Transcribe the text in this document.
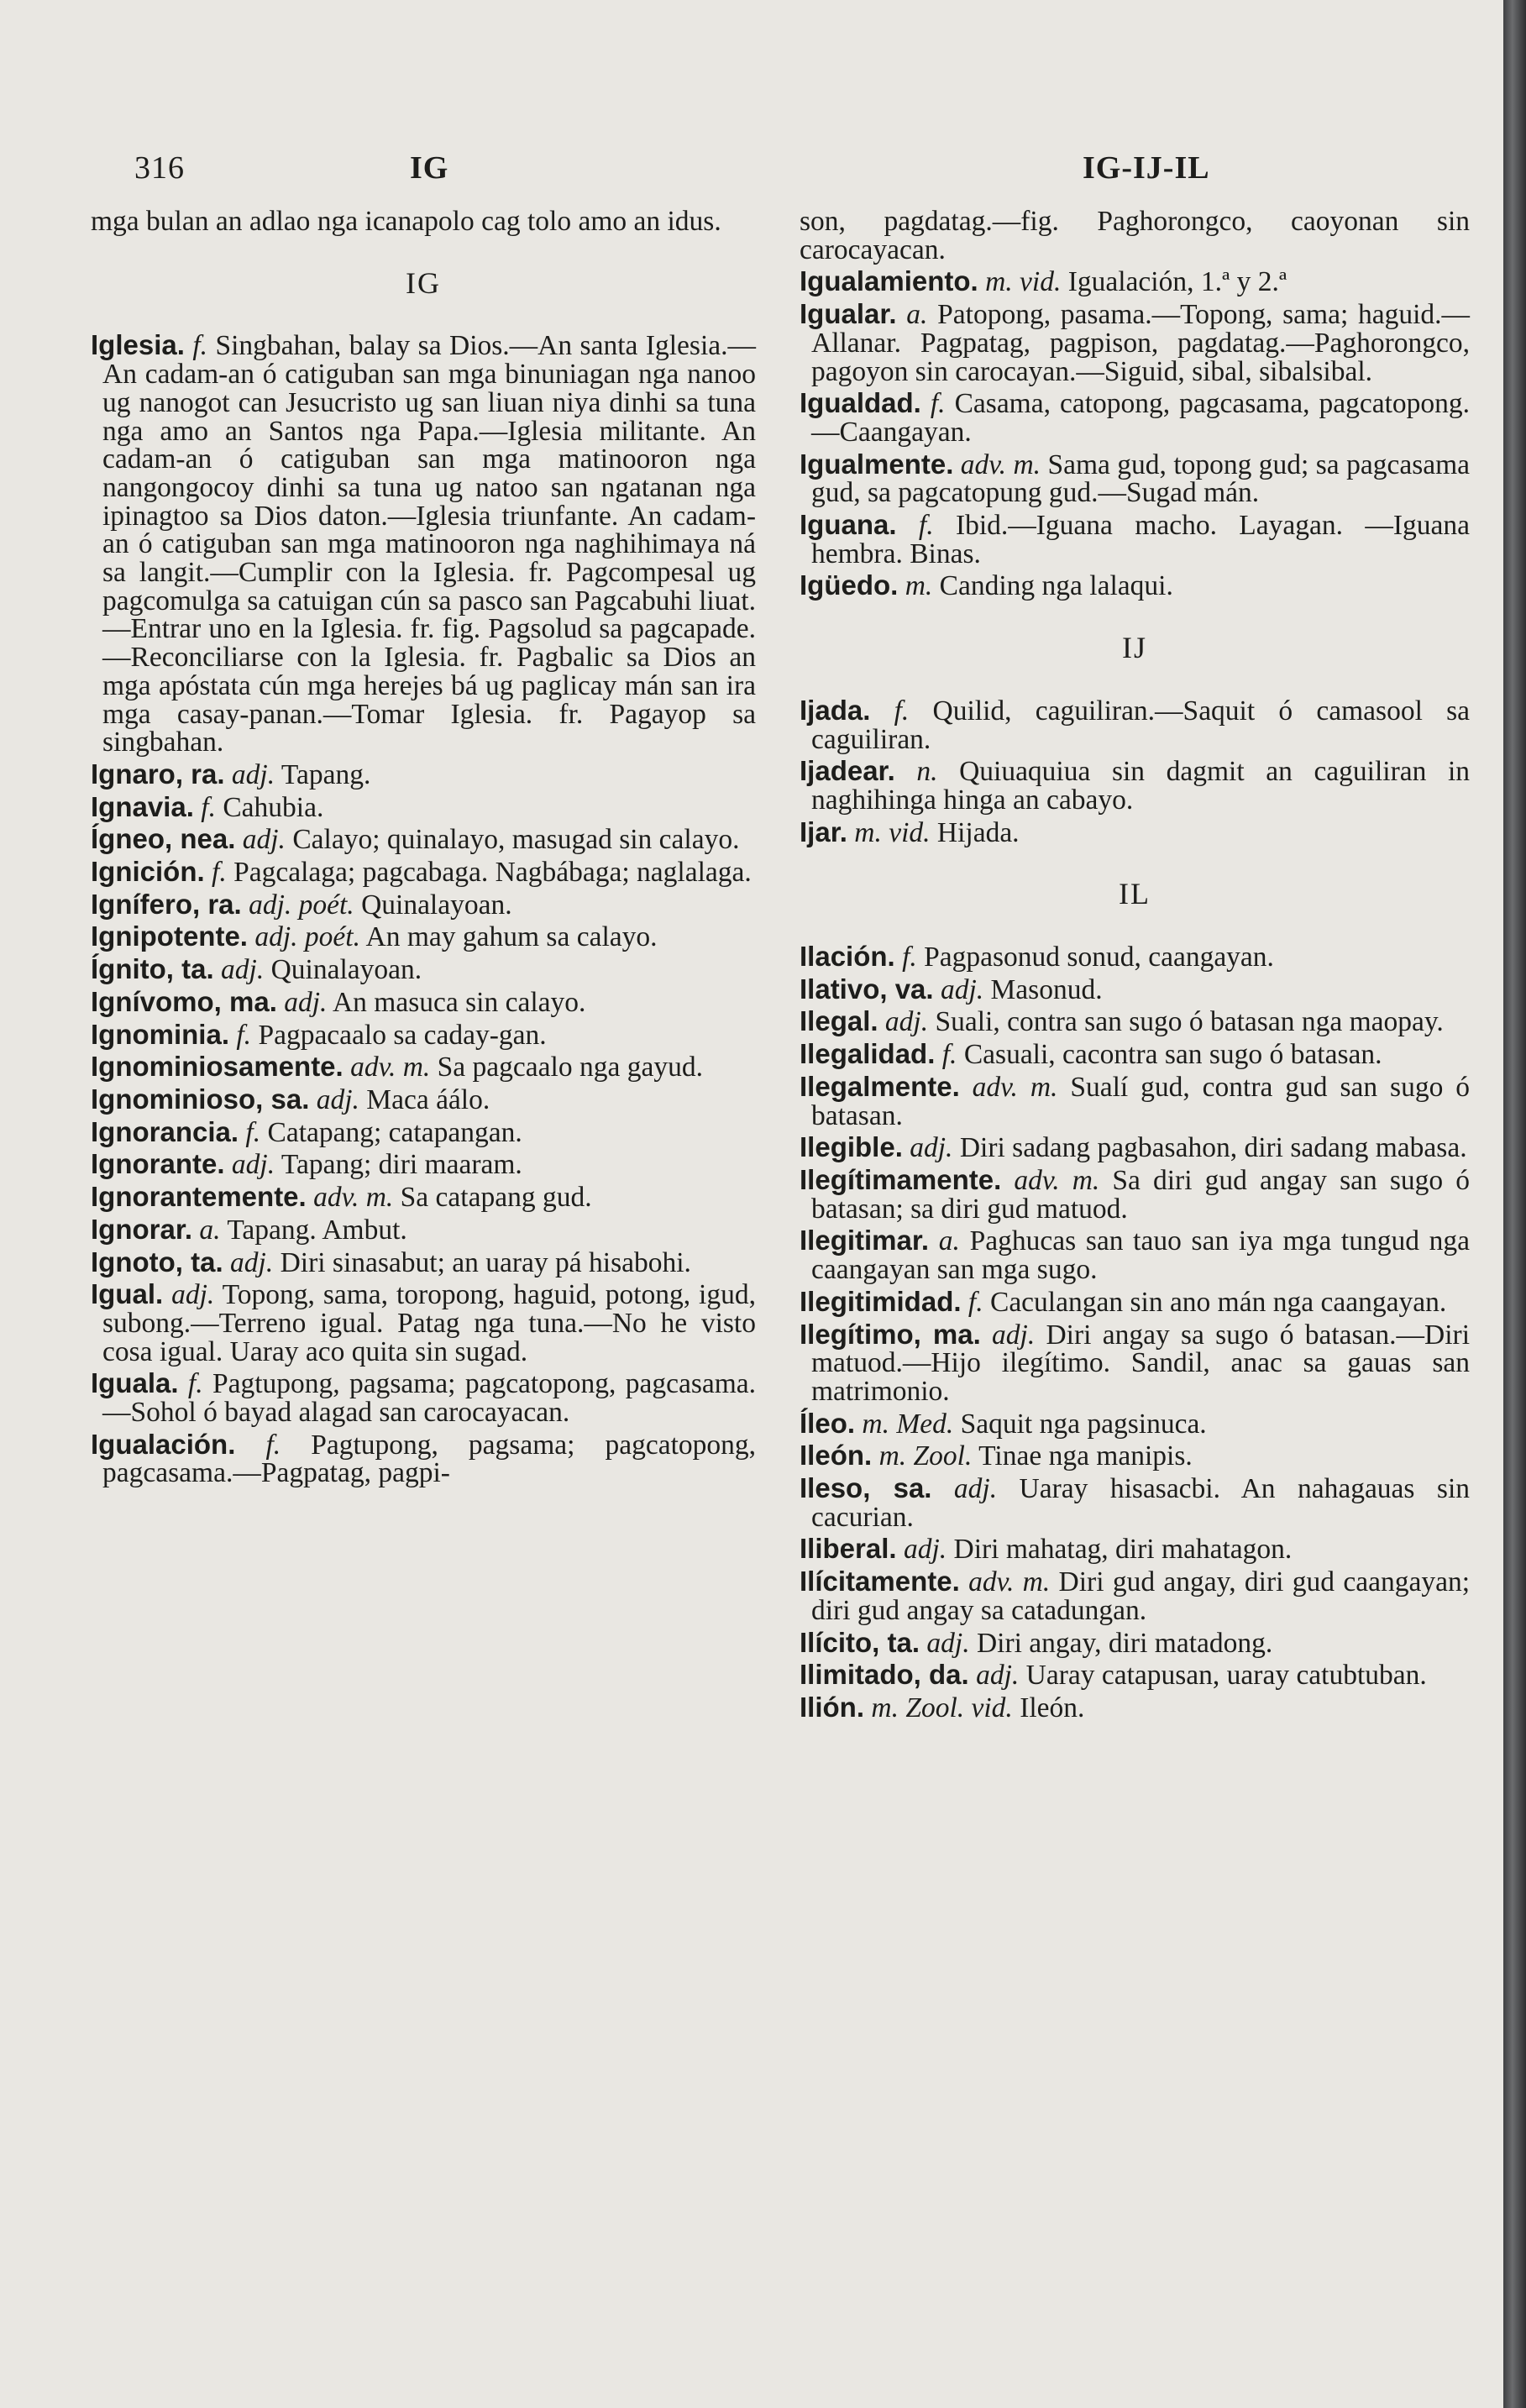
316	IG	IG-IJ-IL

mga bulan an adlao nga icanapolo cag tolo amo an idus.

IG

Iglesia. f. Singbahan, balay sa Dios.—An santa Iglesia.—An cadam-an ó catiguban san mga binuniagan nga nanoo ug nanogot can Jesucristo ug san liuan niya dinhi sa tuna nga amo an Santos nga Papa.—Iglesia militante. An cadam-an ó catiguban san mga matinooron nga nangongocoy dinhi sa tuna ug natoo san ngatanan nga ipinagtoo sa Dios daton.—Iglesia triunfante. An cadam-an ó catiguban san mga matinooron nga naghihimaya ná sa langit.—Cumplir con la Iglesia. fr. Pagcompesal ug pagcomulga sa catuigan cún sa pasco san Pagcabuhi liuat.—Entrar uno en la Iglesia. fr. fig. Pagsolud sa pagcapade.—Reconciliarse con la Iglesia. fr. Pagbalic sa Dios an mga apóstata cún mga herejes bá ug paglicay mán san ira mga casay-panan.—Tomar Iglesia. fr. Pagayop sa singbahan.

Ignaro, ra. adj. Tapang.

Ignavia. f. Cahubia.

Ígneo, nea. adj. Calayo; quinalayo, masugad sin calayo.

Ignición. f. Pagcalaga; pagcabaga. Nagbábaga; naglalaga.

Ignífero, ra. adj. poét. Quinalayoan.

Ignipotente. adj. poét. An may gahum sa calayo.

Ígnito, ta. adj. Quinalayoan.

Ignívomo, ma. adj. An masuca sin calayo.

Ignominia. f. Pagpacaalo sa caday-gan.

Ignominiosamente. adv. m. Sa pagcaalo nga gayud.

Ignominioso, sa. adj. Maca áálo.

Ignorancia. f. Catapang; catapangan.

Ignorante. adj. Tapang; diri maaram.

Ignorantemente. adv. m. Sa catapang gud.

Ignorar. a. Tapang. Ambut.

Ignoto, ta. adj. Diri sinasabut; an uaray pá hisabohi.

Igual. adj. Topong, sama, toropong, haguid, potong, igud, subong.—Terreno igual. Patag nga tuna.—No he visto cosa igual. Uaray aco quita sin sugad.

Iguala. f. Pagtupong, pagsama; pagcatopong, pagcasama.—Sohol ó bayad alagad san carocayacan.

Igualación. f. Pagtupong, pagsama; pagcatopong, pagcasama.—Pagpatag, pagpi-

son, pagdatag.—fig. Paghorongco, caoyonan sin carocayacan.

Igualamiento. m. vid. Igualación, 1.ª y 2.ª

Igualar. a. Patopong, pasama.—Topong, sama; haguid.—Allanar. Pagpatag, pagpison, pagdatag.—Paghorongco, pagoyon sin carocayan.—Siguid, sibal, sibalsibal.

Igualdad. f. Casama, catopong, pagcasama, pagcatopong.—Caangayan.

Igualmente. adv. m. Sama gud, topong gud; sa pagcasama gud, sa pagcatopung gud.—Sugad mán.

Iguana. f. Ibid.—Iguana macho. Layagan. —Iguana hembra. Binas.

Igüedo. m. Canding nga lalaqui.

IJ

Ijada. f. Quilid, caguiliran.—Saquit ó camasool sa caguiliran.

Ijadear. n. Quiuaquiua sin dagmit an caguiliran in naghihinga hinga an cabayo.

Ijar. m. vid. Hijada.

IL

Ilación. f. Pagpasonud sonud, caangayan.

Ilativo, va. adj. Masonud.

Ilegal. adj. Suali, contra san sugo ó batasan nga maopay.

Ilegalidad. f. Casuali, cacontra san sugo ó batasan.

Ilegalmente. adv. m. Sualí gud, contra gud san sugo ó batasan.

Ilegible. adj. Diri sadang pagbasahon, diri sadang mabasa.

Ilegítimamente. adv. m. Sa diri gud angay san sugo ó batasan; sa diri gud matuod.

Ilegitimar. a. Paghucas san tauo san iya mga tungud nga caangayan san mga sugo.

Ilegitimidad. f. Caculangan sin ano mán nga caangayan.

Ilegítimo, ma. adj. Diri angay sa sugo ó batasan.—Diri matuod.—Hijo ilegítimo. Sandil, anac sa gauas san matrimonio.

Íleo. m. Med. Saquit nga pagsinuca.

Ileón. m. Zool. Tinae nga manipis.

Ileso, sa. adj. Uaray hisasacbi. An nahagauas sin cacurian.

Iliberal. adj. Diri mahatag, diri mahatagon.

Ilícitamente. adv. m. Diri gud angay, diri gud caangayan; diri gud angay sa catadungan.

Ilícito, ta. adj. Diri angay, diri matadong.

Ilimitado, da. adj. Uaray catapusan, uaray catubtuban.

Ilión. m. Zool. vid. Ileón.
